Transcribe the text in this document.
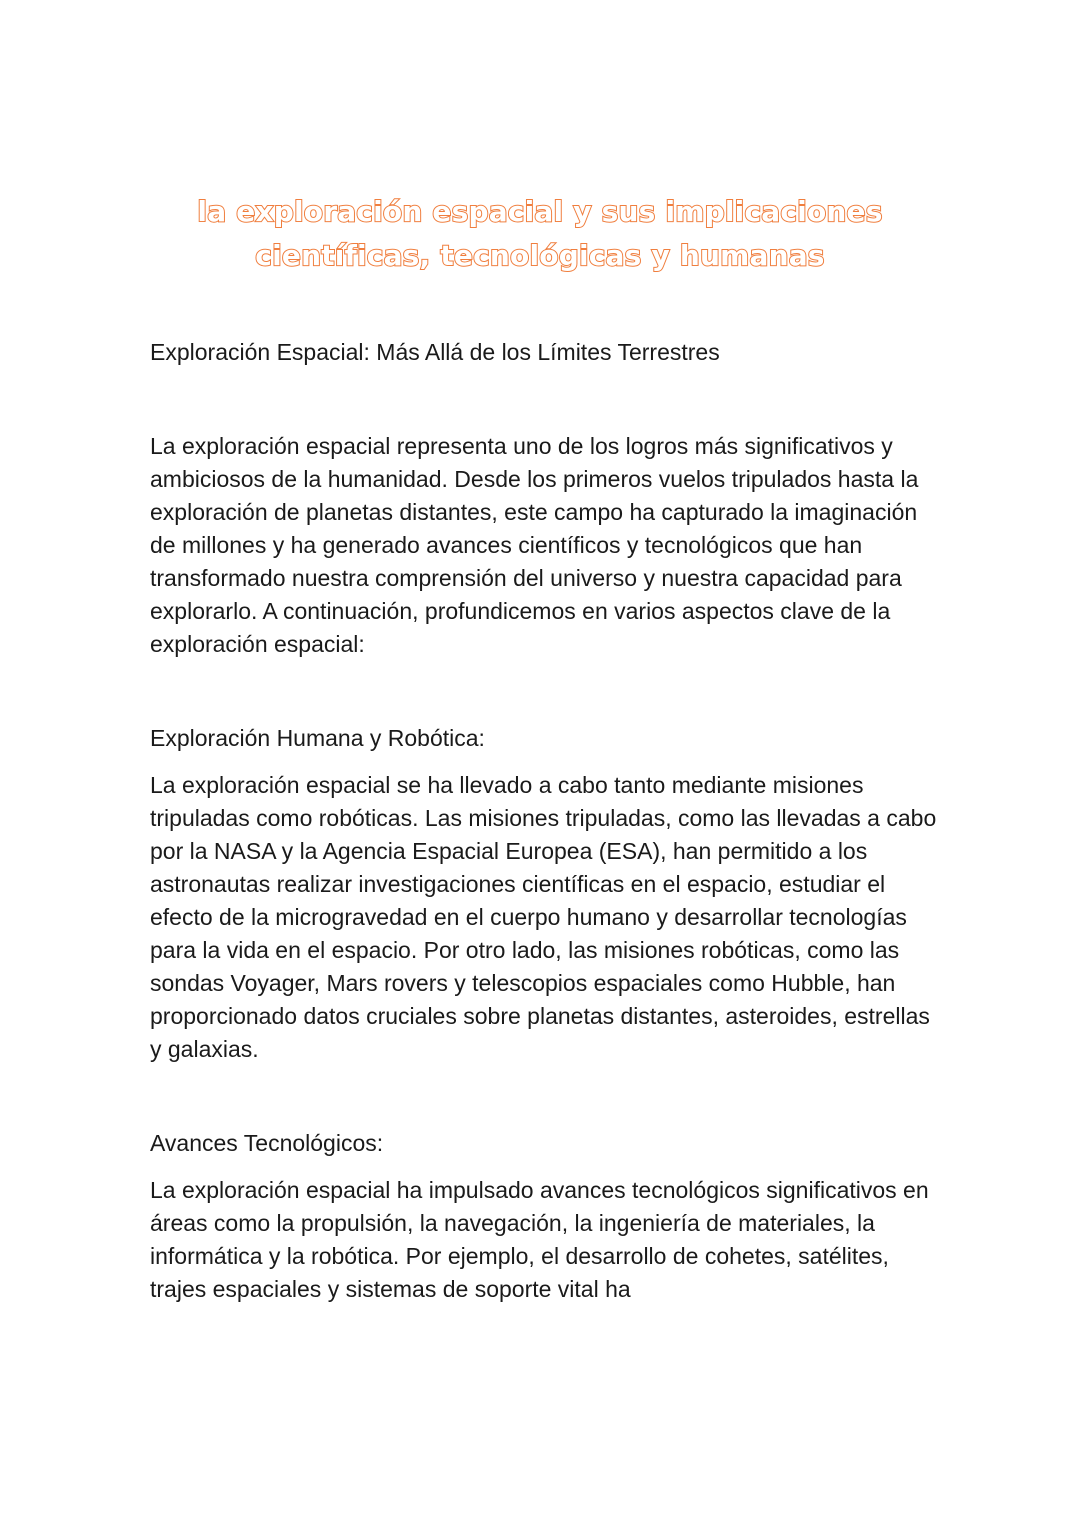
la exploración espacial y sus implicaciones
científicas, tecnológicas y humanas

Exploración Espacial: Más Allá de los Límites Terrestres

La exploración espacial representa uno de los logros más significativos y ambiciosos de la humanidad. Desde los primeros vuelos tripulados hasta la exploración de planetas distantes, este campo ha capturado la imaginación de millones y ha generado avances científicos y tecnológicos que han transformado nuestra comprensión del universo y nuestra capacidad para explorarlo. A continuación, profundicemos en varios aspectos clave de la exploración espacial:

Exploración Humana y Robótica:

La exploración espacial se ha llevado a cabo tanto mediante misiones tripuladas como robóticas. Las misiones tripuladas, como las llevadas a cabo por la NASA y la Agencia Espacial Europea (ESA), han permitido a los astronautas realizar investigaciones científicas en el espacio, estudiar el efecto de la microgravedad en el cuerpo humano y desarrollar tecnologías para la vida en el espacio. Por otro lado, las misiones robóticas, como las sondas Voyager, Mars rovers y telescopios espaciales como Hubble, han proporcionado datos cruciales sobre planetas distantes, asteroides, estrellas y galaxias.

Avances Tecnológicos:

La exploración espacial ha impulsado avances tecnológicos significativos en áreas como la propulsión, la navegación, la ingeniería de materiales, la informática y la robótica. Por ejemplo, el desarrollo de cohetes, satélites, trajes espaciales y sistemas de soporte vital ha
